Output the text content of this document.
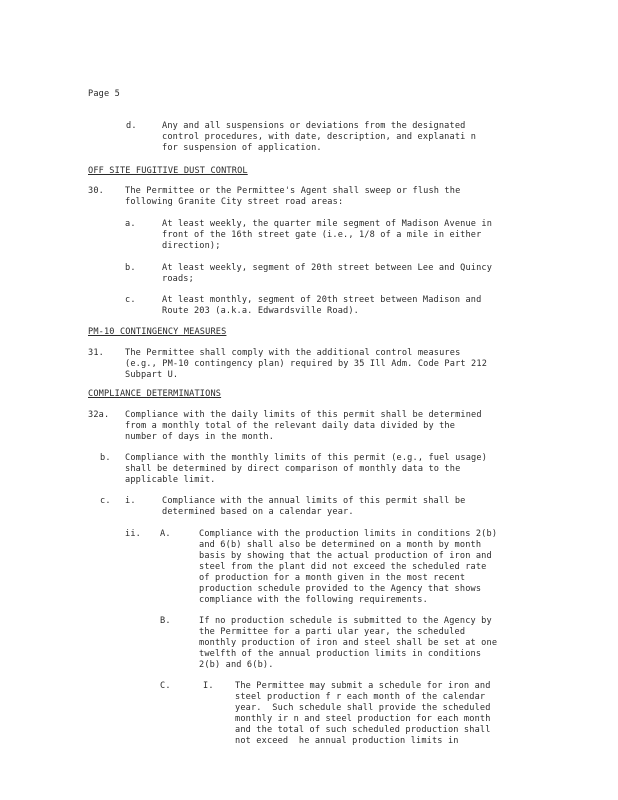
Page 5
d.	Any and all suspensions or deviations from the designated
control procedures, with date, description, and explanati n
for suspension of application.
OFF SITE FUGITIVE DUST CONTROL
30. The Permittee or the Permittee's Agent shall sweep or flush the
following Granite City street road areas:
a.	At least weekly, the quarter mile segment of Madison Avenue in
front of the 16th street gate (i.e., 1/8 of a mile in either
direction);
b.	At least weekly, segment of 20th street between Lee and Quincy
roads;
c.	At least monthly, segment of 20th street between Madison and
Route 203 (a.k.a. Edwardsville Road).
PM-10 CONTINGENCY MEASURES
31. The Permittee shall comply with the additional control measures
(e.g., PM-10 contingency plan) required by 35 Ill Adm. Code Part 212
Subpart U.
COMPLIANCE DETERMINATIONS
32a. Compliance with the daily limits of this permit shall be determined
from a monthly total of the relevant daily data divided by the
number of days in the month.
b. Compliance with the monthly limits of this permit (e.g., fuel usage)
shall be determined by direct comparison of monthly data to the
applicable limit.
c. i.	Compliance with the annual limits of this permit shall be
determined based on a calendar year.
ii. A.	Compliance with the production limits in conditions 2(b)
and 6(b) shall also be determined on a month by month
basis by showing that the actual production of iron and
steel from the plant did not exceed the scheduled rate
of production for a month given in the most recent
production schedule provided to the Agency that shows
compliance with the following requirements.
B.	If no production schedule is submitted to the Agency by
the Permittee for a parti ular year, the scheduled
monthly production of iron and steel shall be set at one
twelfth of the annual production limits in conditions
2(b) and 6(b).
C.	I. The Permittee may submit a schedule for iron and
steel production f r each month of the calendar
year.  Such schedule shall provide the scheduled
monthly ir n and steel production for each month
and the total of such scheduled production shall
not exceed  he annual production limits in
